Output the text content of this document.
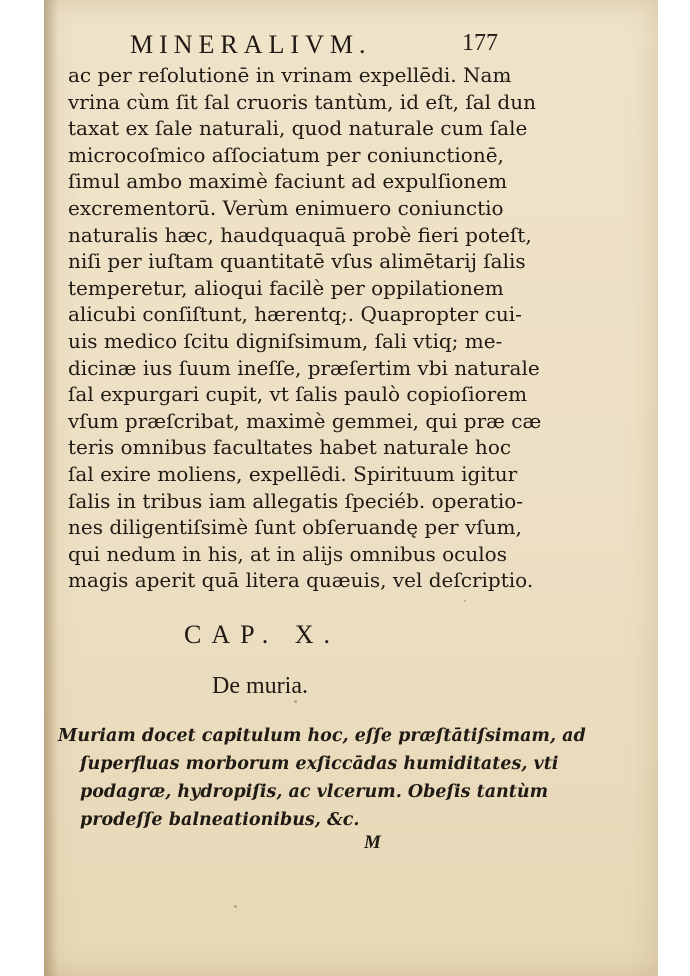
MINERALIVM.	177
ac per reſolutionē in vrinam expellēdi. Nam
vrina cùm ſit ſal cruoris tantùm, id eſt, ſal dun
taxat ex ſale naturali, quod naturale cum ſale
microcoſmico aſſociatum per coniunctionē,
ſimul ambo maximè faciunt ad expulſionem
excrementorū. Verùm enimuero coniunctio
naturalis hæc, haudquaquā probè fieri poteſt,
niſi per iuſtam quantitatē vſus alimētarij ſalis
temperetur, alioqui facilè per oppilationem
alicubi conſiſtunt, hærentq;. Quapropter cui-
uis medico ſcitu digniſsimum, ſali vtiq; me-
dicinæ ius ſuum ineſſe, præſertim vbi naturale
ſal expurgari cupit, vt ſalis paulò copioſiorem
vſum præſcribat, maximè gemmei, qui præ cæ
teris omnibus facultates habet naturale hoc
ſal exire moliens, expellēdi. Spirituum igitur
ſalis in tribus iam allegatis ſpeciéb. operatio-
nes diligentiſsimè ſunt obſeruandę per vſum,
qui nedum in his, at in alijs omnibus oculos
magis aperit quā litera quæuis, vel deſcriptio.
CAP. X.
De muria.
Muriam docet capitulum hoc, eſſe præſtātiſsimam, ad
ſuperfluas morborum exſiccādas humiditates, vti
podagræ, hydropiſis, ac vlcerum. Obeſis tantùm
prodeſſe balneationibus, &c.
M
